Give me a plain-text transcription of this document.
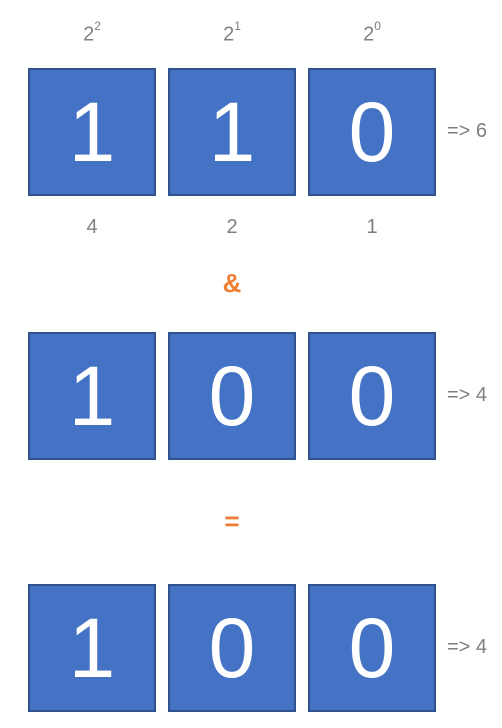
$2^2$	$2^1$	$2^0$
1	1	0	=> 6
4	2	1
&
1	0	0	=> 4
=
1	0	0	=> 4
